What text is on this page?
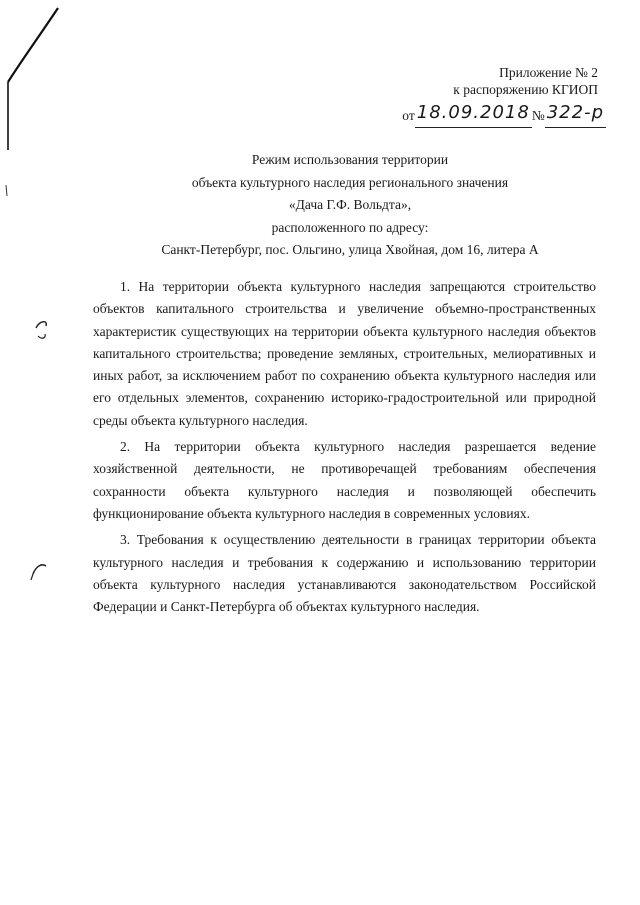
Приложение № 2
к распоряжению КГИОП
от 18.09.2018 № 322-р
Режим использования территории
объекта культурного наследия регионального значения
«Дача Г.Ф. Вольдта»,
расположенного по адресу:
Санкт-Петербург, пос. Ольгино, улица Хвойная, дом 16, литера А

1. На территории объекта культурного наследия запрещаются строительство объектов капитального строительства и увеличение объемно-пространственных характеристик существующих на территории объекта культурного наследия объектов капитального строительства; проведение земляных, строительных, мелиоративных и иных работ, за исключением работ по сохранению объекта культурного наследия или его отдельных элементов, сохранению историко-градостроительной или природной среды объекта культурного наследия.

2. На территории объекта культурного наследия разрешается ведение хозяйственной деятельности, не противоречащей требованиям обеспечения сохранности объекта культурного наследия и позволяющей обеспечить функционирование объекта культурного наследия в современных условиях.

3. Требования к осуществлению деятельности в границах территории объекта культурного наследия и требования к содержанию и использованию территории объекта культурного наследия устанавливаются законодательством Российской Федерации и Санкт-Петербурга об объектах культурного наследия.
